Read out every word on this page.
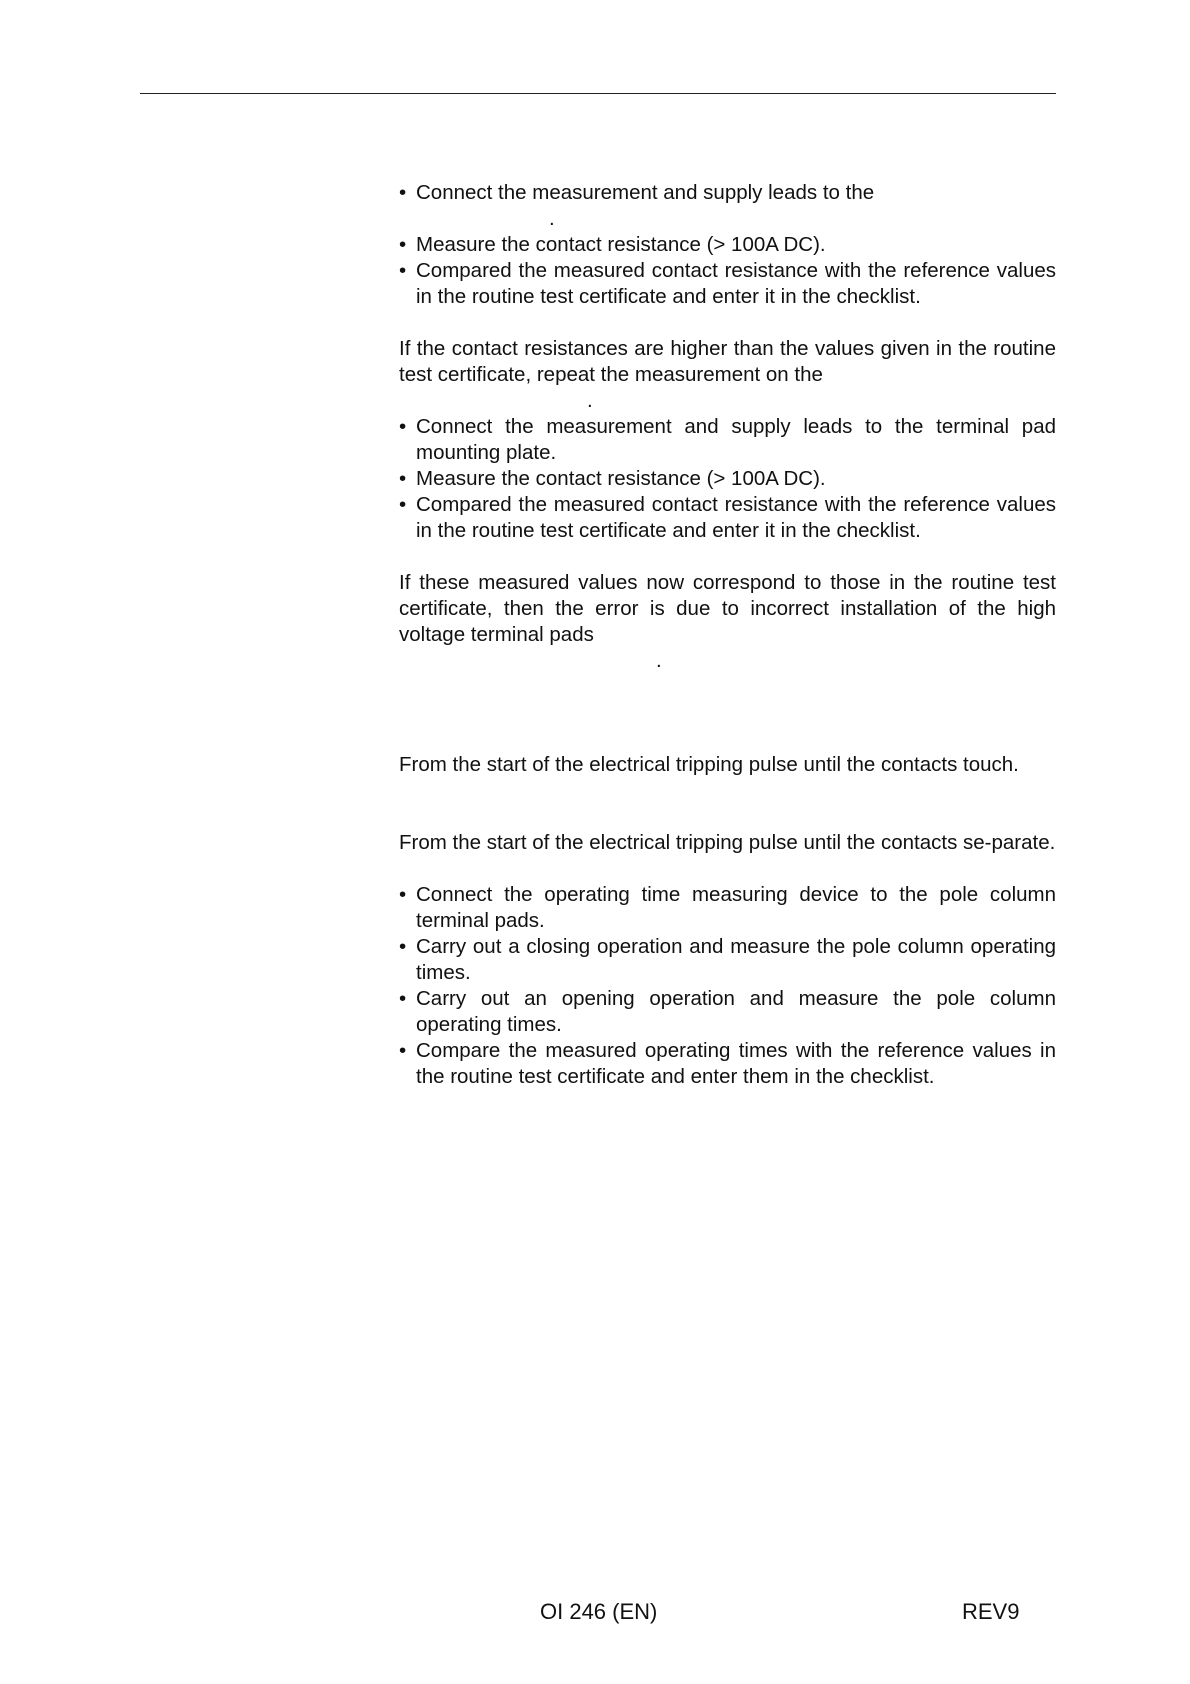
• Connect the measurement and supply leads to the
.
• Measure the contact resistance (> 100A DC).
• Compared the measured contact resistance with the reference values in the routine test certificate and enter it in the checklist.
If the contact resistances are higher than the values given in the routine test certificate, repeat the measurement on the
.
• Connect the measurement and supply leads to the terminal pad mounting plate.
• Measure the contact resistance (> 100A DC).
• Compared the measured contact resistance with the reference values in the routine test certificate and enter it in the checklist.
If these measured values now correspond to those in the routine test certificate, then the error is due to incorrect installation of the high voltage terminal pads
.
From the start of the electrical tripping pulse until the contacts touch.
From the start of the electrical tripping pulse until the contacts se-parate.
• Connect the operating time measuring device to the pole column terminal pads.
• Carry out a closing operation and measure the pole column operating times.
• Carry out an opening operation and measure the pole column operating times.
• Compare the measured operating times with the reference values in the routine test certificate and enter them in the checklist.
OI 246 (EN)	REV9
